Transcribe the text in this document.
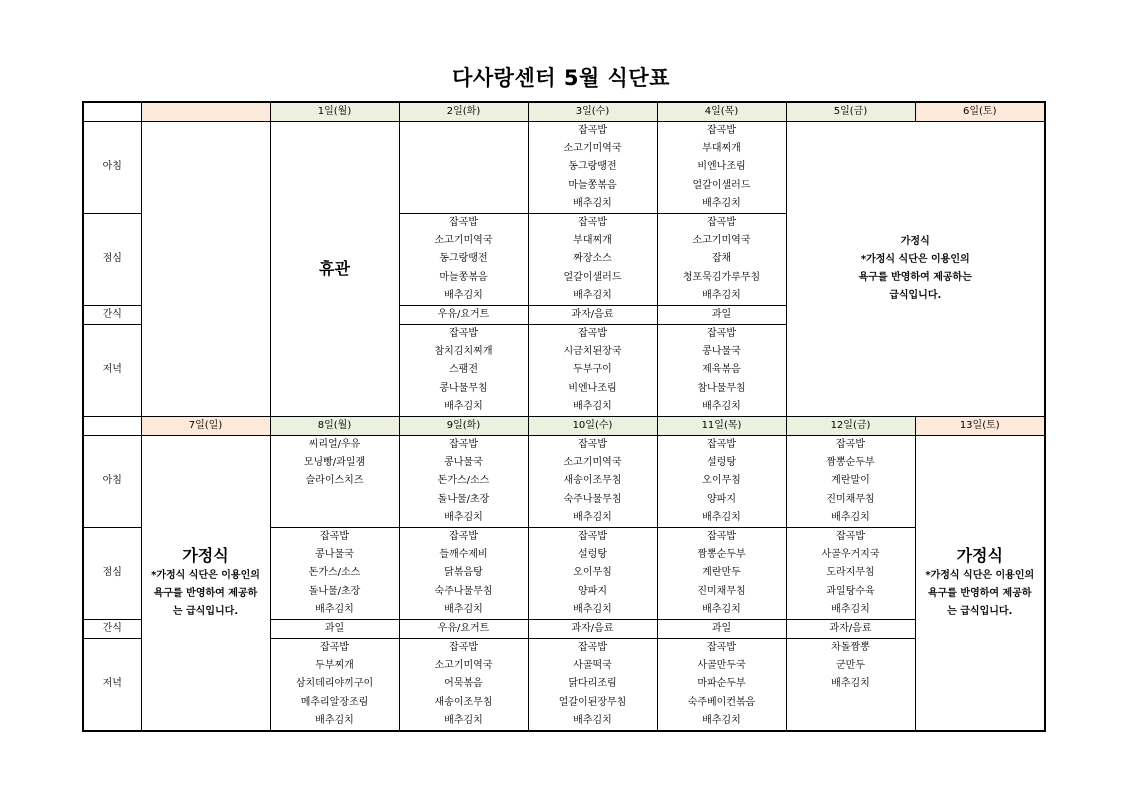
다사랑센터 5월 식단표
		1일(월)	2일(화)	3일(수)	4일(목)	5일(금)	6일(토)
아침		휴관		잡곡밥
소고기미역국
동그랑땡전
마늘쫑볶음
배추김치	잡곡밥
부대찌개
비엔나조림
얼갈이샐러드
배추김치	가정식
*가정식 식단은 이용인의
욕구를 반영하여 제공하는
급식입니다.	

점심			잡곡밥
소고기미역국
동그랑땡전
마늘쫑볶음
배추김치	잡곡밥
부대찌개
짜장소스
얼갈이샐러드
배추김치	잡곡밥
소고기미역국
잡채
청포묵김가루무침
배추김치		

간식			우유/요거트	과자/음료	과일		
저녁			잡곡밥
참치김치찌개
스팸전
콩나물무침
배추김치	잡곡밥
시금치된장국
두부구이
비엔나조림
배추김치	잡곡밥
콩나물국
제육볶음
참나물무침
배추김치		

	7일(일)	8일(월)	9일(화)	10일(수)	11일(목)	12일(금)	13일(토)
아침	가정식
*가정식 식단은 이용인의
욕구를 반영하여 제공하
는 급식입니다.	씨리얼/우유
모닝빵/과일잼
슬라이스치즈	잡곡밥
콩나물국
돈가스/소스
돌나물/초장
배추김치	잡곡밥
소고기미역국
새송이조무침
숙주나물무침
배추김치	잡곡밥
설렁탕
오이무침
양파지
배추김치	잡곡밥
짬뽕순두부
계란말이
진미채무침
배추김치	가정식
*가정식 식단은 이용인의
욕구를 반영하여 제공하
는 급식입니다.

점심		잡곡밥
콩나물국
돈가스/소스
돌나물/초장
배추김치	잡곡밥
들깨수제비
닭볶음탕
숙주나물무침
배추김치	잡곡밥
설렁탕
오이무침
양파지
배추김치	잡곡밥
짬뽕순두부
계란만두
진미채무침
배추김치	잡곡밥
사골우거지국
도라지무침
과일탕수육
배추김치	

간식		과일	우유/요거트	과자/음료	과일	과자/음료	
저녁		잡곡밥
두부찌개
삼치데리야끼구이
메추리알장조림
배추김치	잡곡밥
소고기미역국
어묵볶음
새송이조무침
배추김치	잡곡밥
사골떡국
닭다리조림
얼갈이된장무침
배추김치	잡곡밥
사골만두국
마파순두부
숙주베이컨볶음
배추김치	차돌짬뽕
군만두
배추김치	
